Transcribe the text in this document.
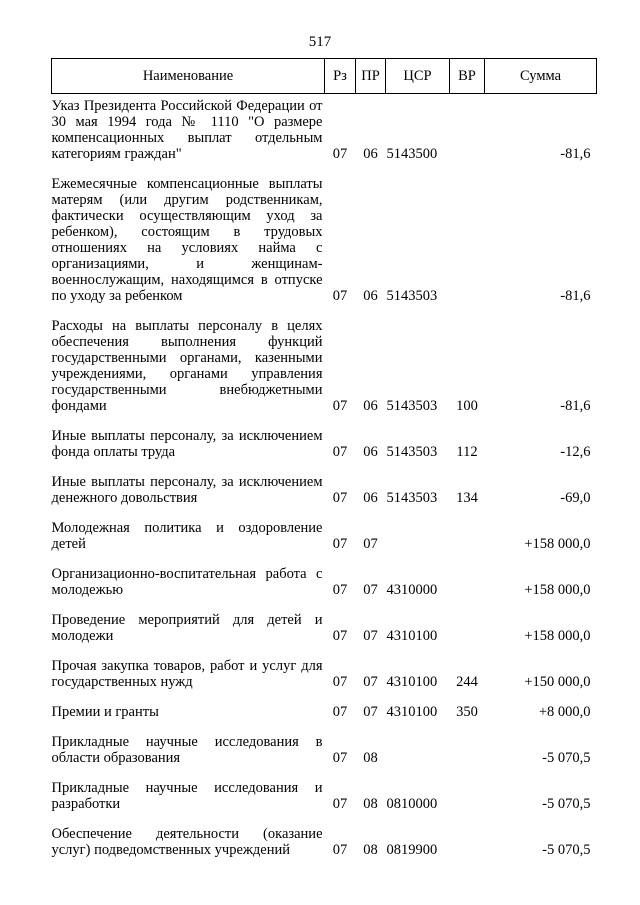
517
Наименование	Рз	ПР	ЦСР	ВР	Сумма
Указ Президента Российской Федерации от 30 мая 1994 года № 1110 "О размере компенсационных выплат отдельным категориям граждан"	07	06	5143500		-81,6
Ежемесячные компенсационные выплаты матерям (или другим родственникам, фактически осуществляющим уход за ребенком), состоящим в трудовых отношениях на условиях найма с организациями, и женщинам-военнослужащим, находящимся в отпуске по уходу за ребенком	07	06	5143503		-81,6
Расходы на выплаты персоналу в целях обеспечения выполнения функций государственными органами, казенными учреждениями, органами управления государственными внебюджетными фондами	07	06	5143503	100	-81,6
Иные выплаты персоналу, за исключением фонда оплаты труда	07	06	5143503	112	-12,6
Иные выплаты персоналу, за исключением денежного довольствия	07	06	5143503	134	-69,0
Молодежная политика и оздоровление детей	07	07			+158 000,0
Организационно-воспитательная работа с молодежью	07	07	4310000		+158 000,0
Проведение мероприятий для детей и молодежи	07	07	4310100		+158 000,0
Прочая закупка товаров, работ и услуг для государственных нужд	07	07	4310100	244	+150 000,0
Премии и гранты	07	07	4310100	350	+8 000,0
Прикладные научные исследования в области образования	07	08			-5 070,5
Прикладные научные исследования и разработки	07	08	0810000		-5 070,5
Обеспечение деятельности (оказание услуг) подведомственных учреждений	07	08	0819900		-5 070,5
